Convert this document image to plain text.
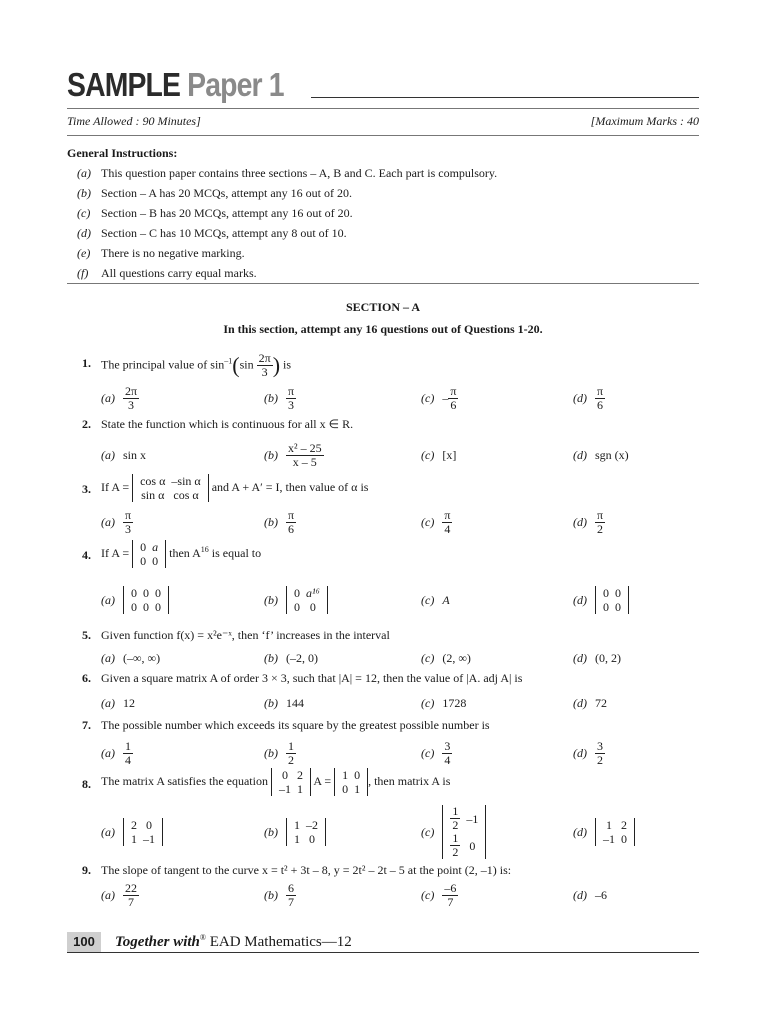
SAMPLE Paper 1
Time Allowed : 90 Minutes]	[Maximum Marks : 40
General Instructions:
(a) This question paper contains three sections – A, B and C. Each part is compulsory.
(b) Section – A has 20 MCQs, attempt any 16 out of 20.
(c) Section – B has 20 MCQs, attempt any 16 out of 20.
(d) Section – C has 10 MCQs, attempt any 8 out of 10.
(e) There is no negative marking.
(f) All questions carry equal marks.
SECTION – A
In this section, attempt any 16 questions out of Questions 1-20.
1. The principal value of $\sin^{-1}(\sin \frac{2\pi}{3}$ ) is
(a) 2π
3	(b) π
3	(c) – π
6	(d) π
6
2. State the function which is continuous for all x ∈ R.
(a) sin x	(b) x² – 25
x – 5	(c) [x]	(d) sgn (x)
3. If A = cos α	–sin α
sin α	cos α
and A + A′ = I, then value of α is
(a) π
3	(b) π
6	(c) π
4	(d) π
2
4. If A = 0	a
0	0
then $A^{16}$ is equal to
(a) 0	0	0
0	0	0
(b) 0	a¹⁶
0	0
(c) A	(d) 0	0
0	0
5. Given function f(x) = x²e⁻ˣ, then ‘f’ increases in the interval
(a) (–∞, ∞)	(b) (–2, 0)	(c) (2, ∞)	(d) (0, 2)
6. Given a square matrix A of order 3 × 3, such that |A| = 12, then the value of |A. adj A| is
(a) 12	(b) 144	(c) 1728	(d) 72
7. The possible number which exceeds its square by the greatest possible number is
(a) 1
4	(b) 1
2	(c) 3
4	(d) 3
2
8. The matrix A satisfies the equation 0	2
–1	1
A = 1	0
0	1
, then matrix A is
(a) 2	0
1	–1
(b) 1	–2
1	0
$(c) \frac{1}{2}$	–1

$\frac{1}{2}$	0
(d) 1	2
–1	0
9. The slope of tangent to the curve x = t² + 3t – 8, y = 2t² – 2t – 5 at the point (2, –1) is:
(a) 22
7	(b) 6
7	(c) –6
7	(d) –6
100	Together with® EAD Mathematics—12
